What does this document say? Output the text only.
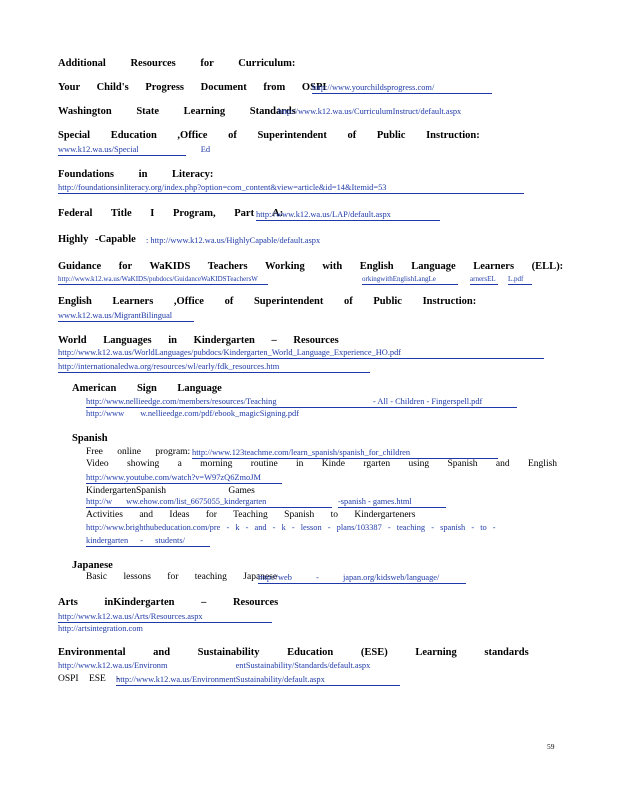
Additional Resources for Curriculum:
Your Child's Progress Document from OSPI
http://www.yourchildsprogress.com/
Washington State Learning Standards
http://www.k12.wa.us/CurriculumInstruct/default.aspx
Special Education ,Office of Superintendent of Public Instruction:
www.k12.wa.us/Special Ed
Foundations in Literacy:
http://foundationsinliteracy.org/index.php?option=com_content&view=article&id=14&Itemid=53
Federal Title I Program, Part A:
http://www.k12.wa.us/LAP/default.aspx
Highly -Capable : http://www.k12.wa.us/HighlyCapable/default.aspx
Guidance for WaKIDS Teachers Working with English Language Learners (ELL):
http://www.k12.wa.us/WaKIDS/pubdocs/GuidanceWaKIDSTeachersW	orkingwithEnglishLangLe	arnersEL	L.pdf
English Learners ,Office of Superintendent of Public Instruction:
www.k12.wa.us/MigrantBilingual
World Languages in Kindergarten – Resources
http://www.k12.wa.us/WorldLanguages/pubdocs/Kindergarten_World_Language_Experience_HO.pdf
http://internationaledwa.org/resources/wl/early/fdk_resources.htm
American Sign Language
http://www.nellieedge.com/members/resources/Teaching	- All - Children - Fingerspell.pdf
http://www w.nellieedge.com/pdf/ebook_magicSigning.pdf
Spanish
Free online program: http://www.123teachme.com/learn_spanish/spanish_for_children
Video showing a morning routine in Kinde rgarten using Spanish and English
http://www.youtube.com/watch?v=W97zQ6ZmoJM
KindergartenSpanish Games
http://w ww.ehow.com/list_6675055_kindergarten	-spanish - games.html
Activities and Ideas for Teaching Spanish to Kindergarteners
http://www.brighthubeducation.com/pre - k - and - k - lesson - plans/103387 - teaching - spanish - to -
kindergarten - students/
Japanese
Basic lessons for teaching Japanese
http://web - japan.org/kidsweb/language/
Arts inKindergarten – Resources
http://www.k12.wa.us/Arts/Resources.aspx
http://artsintegration.com
Environmental and Sustainability Education (ESE) Learning standards
http://www.k12.wa.us/Environm entSustainability/Standards/default.aspx
OSPI ESE -
http://www.k12.wa.us/EnvironmentSustainability/default.aspx
59
